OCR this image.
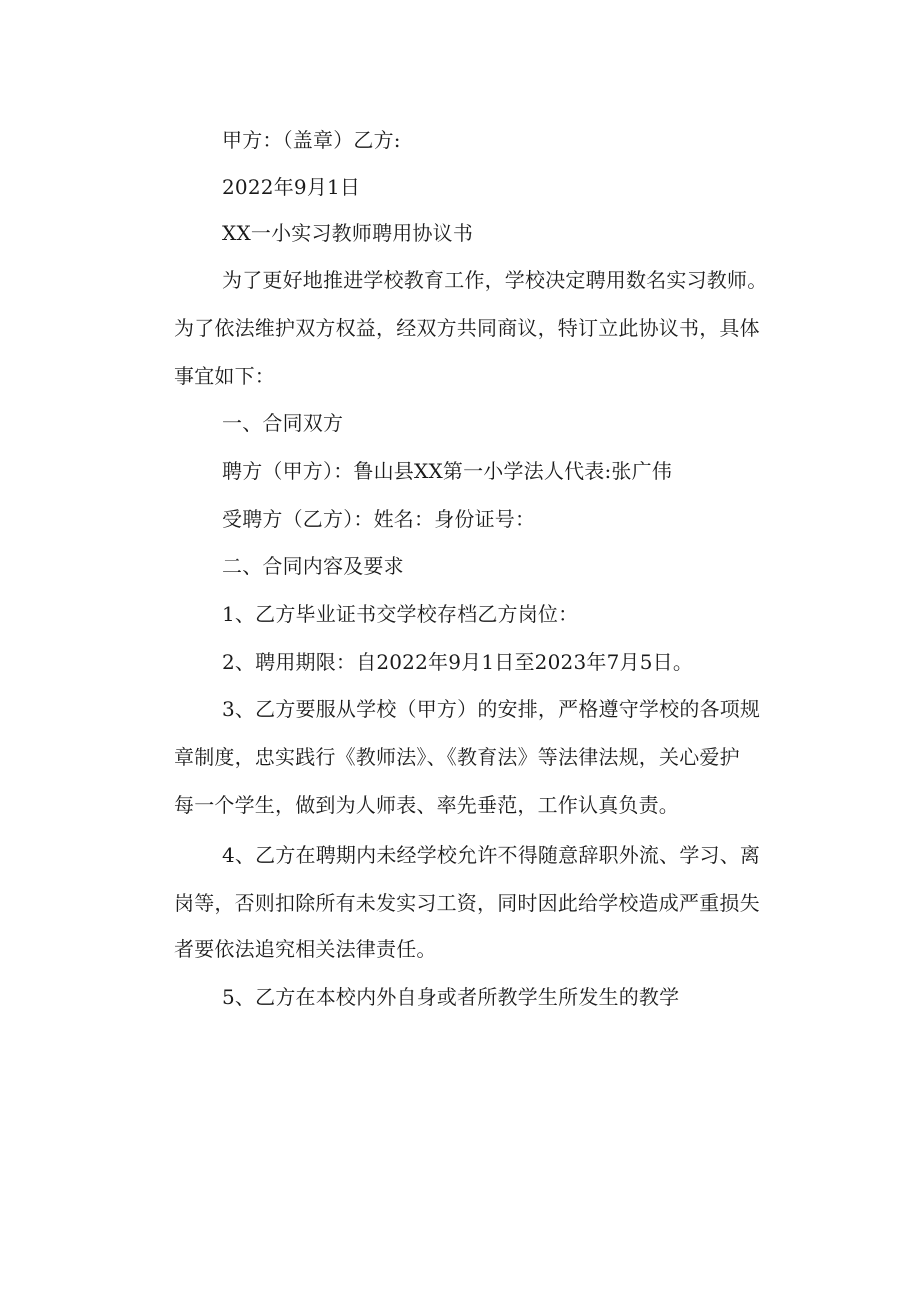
甲方：（盖章）乙方:
2022年9月1日
XX一小实习教师聘用协议书
为了更好地推进学校教育工作，学校决定聘用数名实习教师。
为了依法维护双方权益，经双方共同商议，特订立此协议书，具体
事宜如下：
一、合同双方
聘方（甲方）：鲁山县XX第一小学法人代表:张广伟
受聘方（乙方）：姓名：身份证号：
二、合同内容及要求
1、乙方毕业证书交学校存档乙方岗位：
2、聘用期限：自2022年9月1日至2023年7月5日。
3、乙方要服从学校（甲方）的安排，严格遵守学校的各项规
章制度，忠实践行《教师法》、《教育法》等法律法规，关心爱护
每一个学生，做到为人师表、率先垂范，工作认真负责。
4、乙方在聘期内未经学校允许不得随意辞职外流、学习、离
岗等，否则扣除所有未发实习工资，同时因此给学校造成严重损失
者要依法追究相关法律责任。
5、乙方在本校内外自身或者所教学生所发生的教学
